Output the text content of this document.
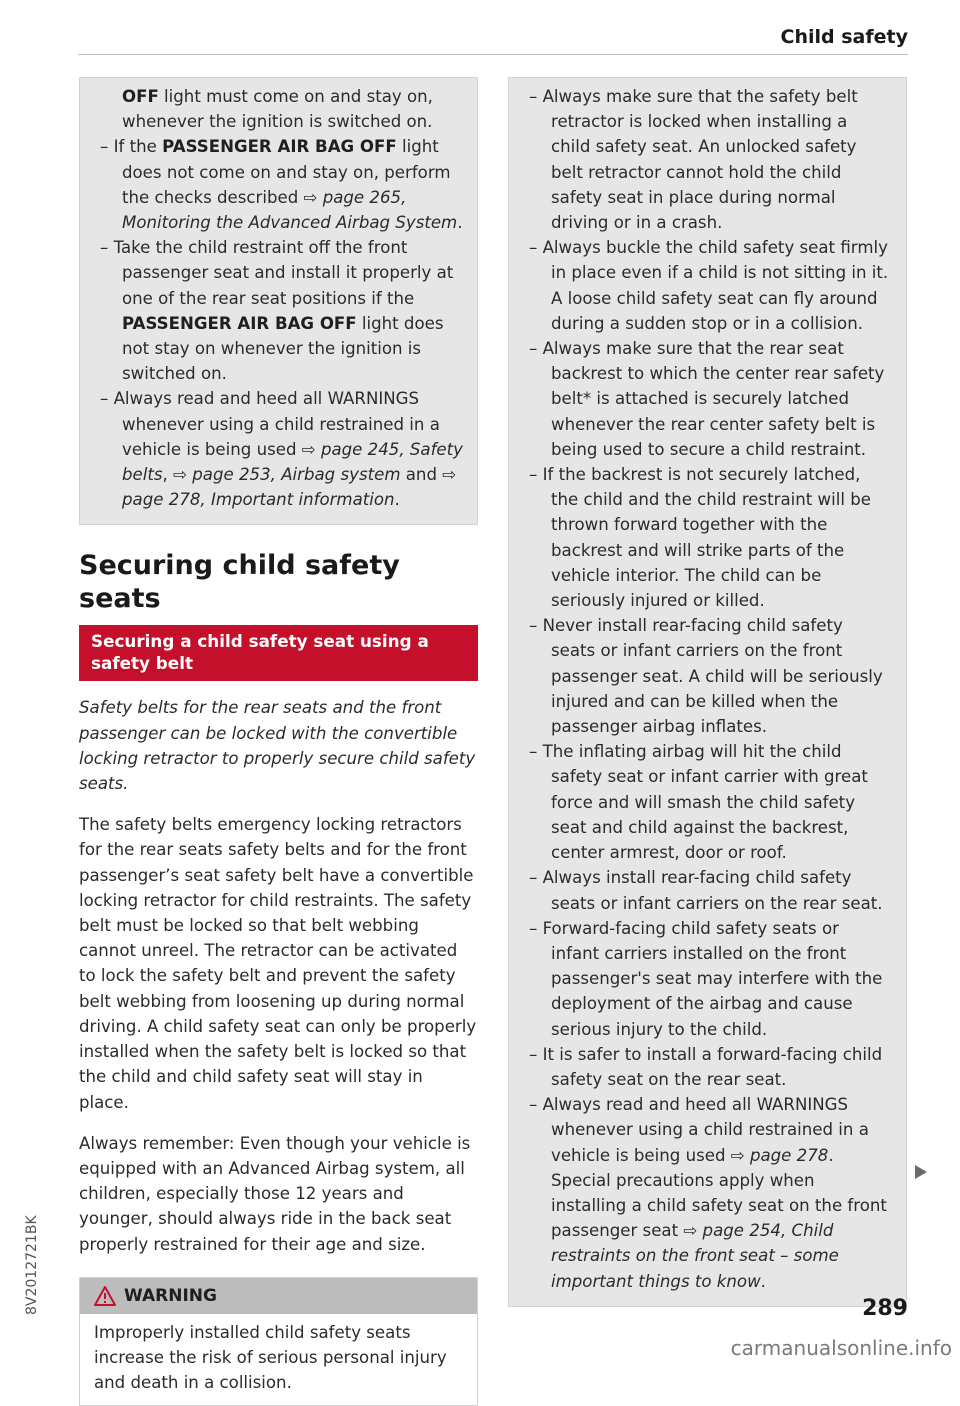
Child safety

OFF light must come on and stay on, whenever the ignition is switched on.

– If the PASSENGER AIR BAG OFF light does not come on and stay on, perform the checks described ⇨ page 265, Monitoring the Advanced Airbag System.

– Take the child restraint off the front passenger seat and install it properly at one of the rear seat positions if the PASSENGER AIR BAG OFF light does not stay on whenever the ignition is switched on.

– Always read and heed all WARNINGS whenever using a child restrained in a vehicle is being used ⇨ page 245, Safety belts, ⇨ page 253, Airbag system and ⇨ page 278, Important information.

Securing child safety seats
Securing a child safety seat using a safety belt

Safety belts for the rear seats and the front passenger can be locked with the convertible locking retractor to properly secure child safety seats.

The safety belts emergency locking retractors for the rear seats safety belts and for the front passenger’s seat safety belt have a convertible locking retractor for child restraints. The safety belt must be locked so that belt webbing cannot unreel. The retractor can be activated to lock the safety belt and prevent the safety belt webbing from loosening up during normal driving. A child safety seat can only be properly installed when the safety belt is locked so that the child and child safety seat will stay in place.

Always remember: Even though your vehicle is equipped with an Advanced Airbag system, all children, especially those 12 years and younger, should always ride in the back seat properly restrained for their age and size.

WARNING
Improperly installed child safety seats increase the risk of serious personal injury and death in a collision.

– Always make sure that the safety belt retractor is locked when installing a child safety seat. An unlocked safety belt retractor cannot hold the child safety seat in place during normal driving or in a crash.

– Always buckle the child safety seat firmly in place even if a child is not sitting in it. A loose child safety seat can fly around during a sudden stop or in a collision.

– Always make sure that the rear seat backrest to which the center rear safety belt* is attached is securely latched whenever the rear center safety belt is being used to secure a child restraint.

– If the backrest is not securely latched, the child and the child restraint will be thrown forward together with the backrest and will strike parts of the vehicle interior. The child can be seriously injured or killed.

– Never install rear-facing child safety seats or infant carriers on the front passenger seat. A child will be seriously injured and can be killed when the passenger airbag inflates.

– The inflating airbag will hit the child safety seat or infant carrier with great force and will smash the child safety seat and child against the backrest, center armrest, door or roof.

– Always install rear-facing child safety seats or infant carriers on the rear seat.

– Forward-facing child safety seats or infant carriers installed on the front passenger's seat may interfere with the deployment of the airbag and cause serious injury to the child.

– It is safer to install a forward-facing child safety seat on the rear seat.

– Always read and heed all WARNINGS whenever using a child restrained in a vehicle is being used ⇨ page 278. Special precautions apply when installing a child safety seat on the front passenger seat ⇨ page 254, Child restraints on the front seat – some important things to know.

289
8V2012721BK
carmanualsonline.info
